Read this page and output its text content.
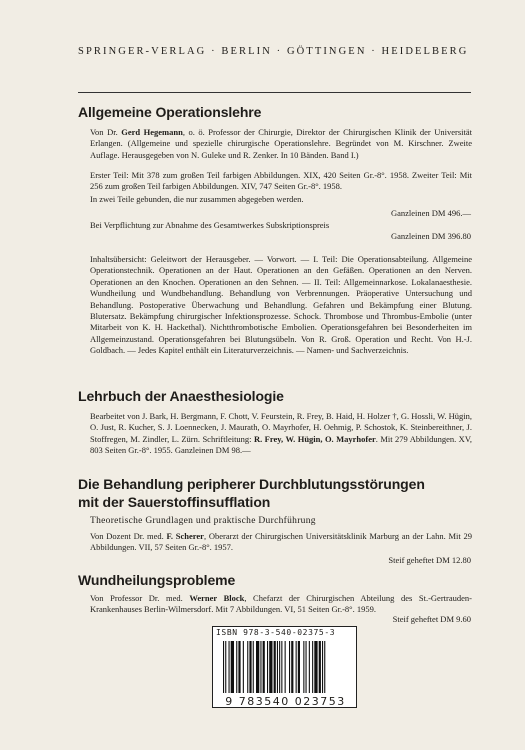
SPRINGER-VERLAG · BERLIN · GÖTTINGEN · HEIDELBERG
Allgemeine Operationslehre
Von Dr. Gerd Hegemann, o. ö. Professor der Chirurgie, Direktor der Chirurgischen Klinik der Universität Erlangen. (Allgemeine und spezielle chirurgische Operationslehre. Begründet von M. Kirschner. Zweite Auflage. Herausgegeben von N. Guleke und R. Zenker. In 10 Bänden. Band I.)
Erster Teil: Mit 378 zum großen Teil farbigen Abbildungen. XIX, 420 Seiten Gr.-8°. 1958. Zweiter Teil: Mit 256 zum großen Teil farbigen Abbildungen. XIV, 747 Seiten Gr.-8°. 1958.
In zwei Teile gebunden, die nur zusammen abgegeben werden.
Ganzleinen DM 496.—
Bei Verpflichtung zur Abnahme des Gesamtwerkes Subskriptionspreis
Ganzleinen DM 396.80
Inhaltsübersicht: Geleitwort der Herausgeber. — Vorwort. — I. Teil: Die Operationsabteilung. Allgemeine Operationstechnik. Operationen an der Haut. Operationen an den Gefäßen. Operationen an den Nerven. Operationen an den Knochen. Operationen an den Sehnen. — II. Teil: Allgemeinnarkose. Lokalanaesthesie. Wundheilung und Wundbehandlung. Behandlung von Verbrennungen. Präoperative Untersuchung und Behandlung. Postoperative Überwachung und Behandlung. Gefahren und Bekämpfung einer Blutung. Blutersatz. Bekämpfung chirurgischer Infektionsprozesse. Schock. Thrombose und Thrombus-Embolie (unter Mitarbeit von K. H. Hackethal). Nichtthrombotische Embolien. Operationsgefahren bei Besonderheiten im Allgemeinzustand. Operationsgefahren bei Blutungsübeln. Von R. Groß. Operation und Recht. Von H.-J. Goldbach. — Jedes Kapitel enthält ein Literaturverzeichnis. — Namen- und Sachverzeichnis.
Lehrbuch der Anaesthesiologie
Bearbeitet von J. Bark, H. Bergmann, F. Chott, V. Feurstein, R. Frey, B. Haid, H. Holzer †, G. Hossli, W. Hügin, O. Just, R. Kucher, S. J. Loennecken, J. Maurath, O. Mayrhofer, H. Oehmig, P. Schostok, K. Steinbereithner, J. Stoffregen, M. Zindler, L. Zürn. Schriftleitung: R. Frey, W. Hügin, O. Mayrhofer. Mit 279 Abbildungen. XV, 803 Seiten Gr.-8°. 1955. Ganzleinen DM 98.—
Die Behandlung peripherer Durchblutungsstörungen
mit der Sauerstoffinsufflation
Theoretische Grundlagen und praktische Durchführung
Von Dozent Dr. med. F. Scherer, Oberarzt der Chirurgischen Universitätsklinik Marburg an der Lahn. Mit 29 Abbildungen. VII, 57 Seiten Gr.-8°. 1957.
Steif geheftet DM 12.80
Wundheilungsprobleme
Von Professor Dr. med. Werner Block, Chefarzt der Chirurgischen Abteilung des St.-Gertrauden-Krankenhauses Berlin-Wilmersdorf. Mit 7 Abbildungen. VI, 51 Seiten Gr.-8°. 1959.
Steif geheftet DM 9.60
ISBN 978-3-540-02375-3
9 783540 023753
